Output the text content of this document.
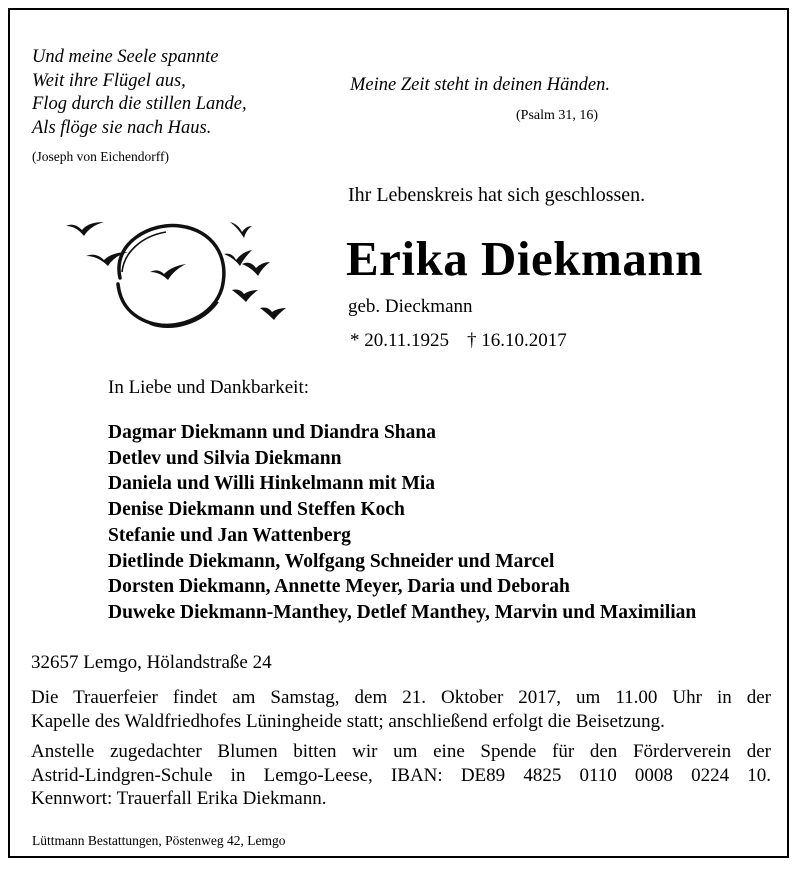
Und meine Seele spannte
Weit ihre Flügel aus,
Flog durch die stillen Lande,
Als flöge sie nach Haus.
(Joseph von Eichendorff)
Meine Zeit steht in deinen Händen.
(Psalm 31, 16)
Ihr Lebenskreis hat sich geschlossen.
Erika Diekmann
geb. Dieckmann
* 20.11.1925 † 16.10.2017
In Liebe und Dankbarkeit:
Dagmar Diekmann und Diandra Shana
Detlev und Silvia Diekmann
Daniela und Willi Hinkelmann mit Mia
Denise Diekmann und Steffen Koch
Stefanie und Jan Wattenberg
Dietlinde Diekmann, Wolfgang Schneider und Marcel
Dorsten Diekmann, Annette Meyer, Daria und Deborah
Duweke Diekmann-Manthey, Detlef Manthey, Marvin und Maximilian
32657 Lemgo, Hölandstraße 24
Die Trauerfeier findet am Samstag, dem 21. Oktober 2017, um 11.00 Uhr in der
Kapelle des Waldfriedhofes Lüningheide statt; anschließend erfolgt die Beisetzung.
Anstelle zugedachter Blumen bitten wir um eine Spende für den Förderverein der
Astrid-Lindgren-Schule in Lemgo-Leese, IBAN: DE89 4825 0110 0008 0224 10.
Kennwort: Trauerfall Erika Diekmann.
Lüttmann Bestattungen, Pöstenweg 42, Lemgo
